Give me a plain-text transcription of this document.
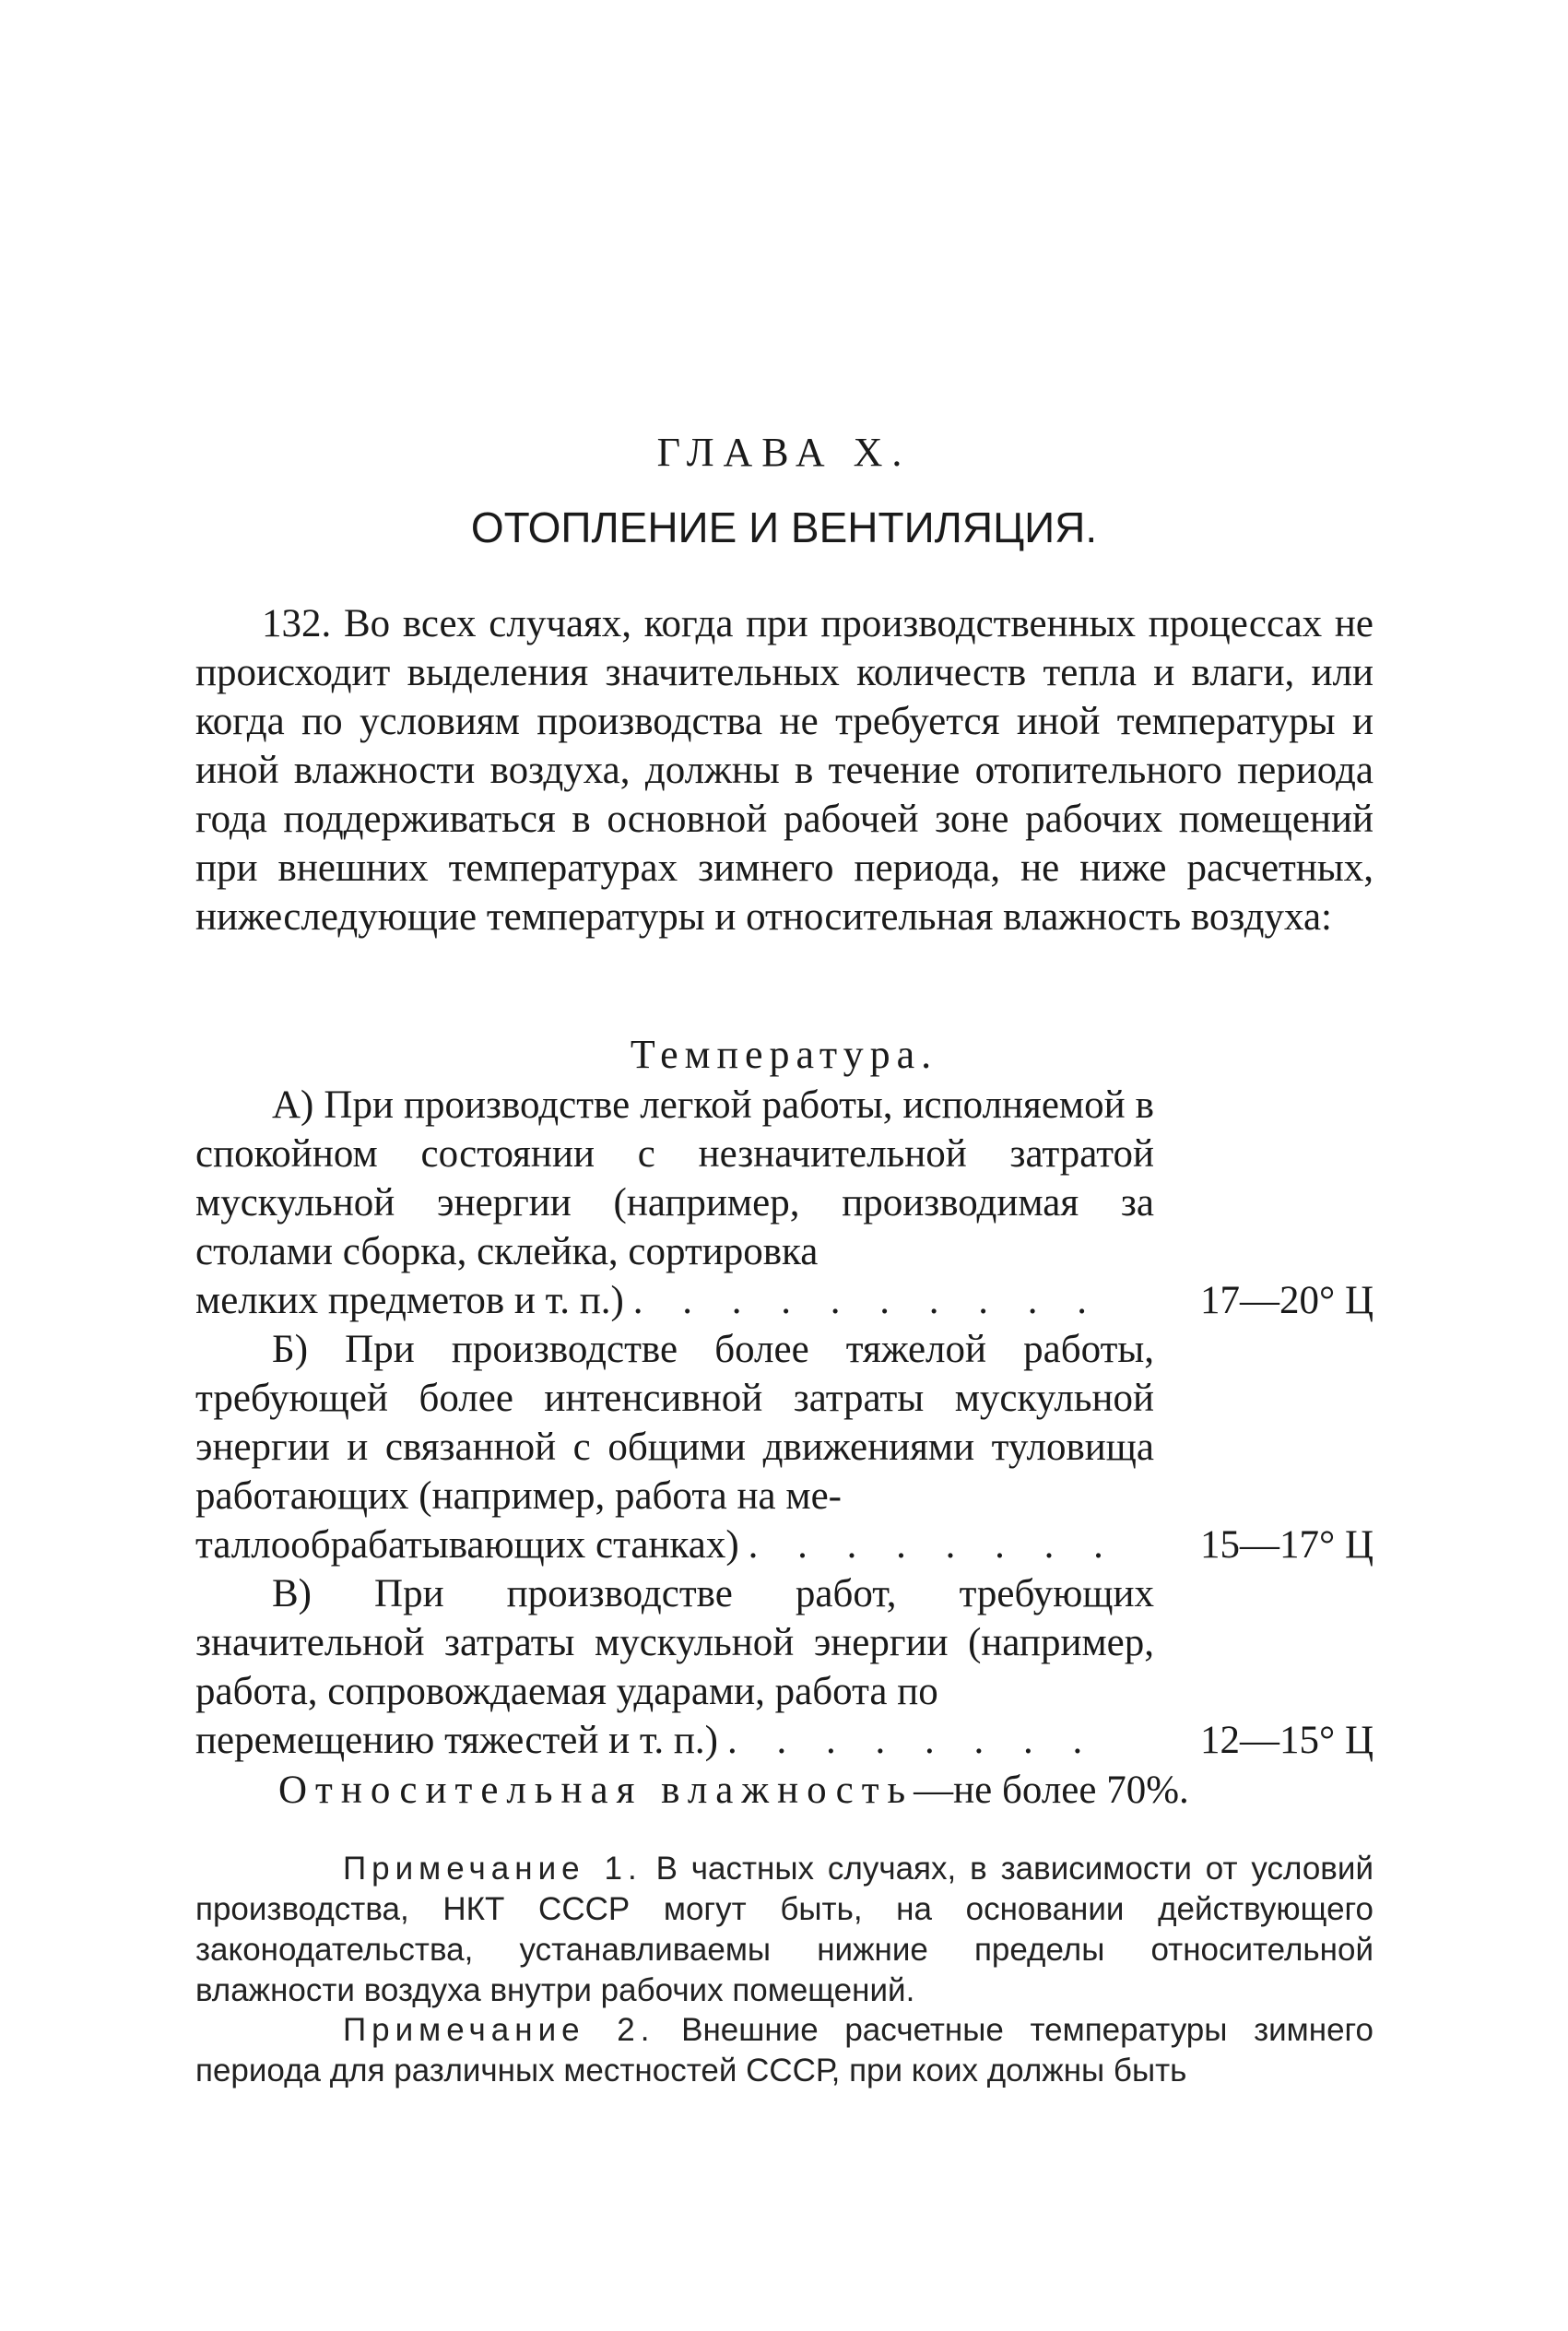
ГЛАВА X.
ОТОПЛЕНИЕ И ВЕНТИЛЯЦИЯ.
132. Во всех случаях, когда при производственных процессах не происходит выделения значительных количеств тепла и влаги, или когда по условиям производства не требуется иной температуры и иной влажности воздуха, должны в течение отопительного периода года поддерживаться в основной рабочей зоне рабочих помещений при внешних температурах зимнего периода, не ниже расчетных, нижеследующие температуры и относительная влажность воздуха:
Температура.
А) При производстве легкой работы, исполняемой в спокойном состоянии с незначительной затратой мускульной энергии (например, производимая за столами сборка, склейка, сортировка
мелких предметов и т. п.) . . . . . . . . . .	17—20° Ц
Б) При производстве более тяжелой работы, требующей более интенсивной затраты мускульной энергии и связанной с общими движениями туловища работающих (например, работа на ме-
таллообрабатывающих станках) . . . . . . . .	15—17° Ц
В) При производстве работ, требующих значительной затраты мускульной энергии (например, работа, сопровождаемая ударами, работа по
перемещению тяжестей и т. п.) . . . . . . . .	12—15° Ц
Относительная влажность—не более 70%.
Примечание 1. В частных случаях, в зависимости от условий производства, НКТ СССР могут быть, на основании действующего законодательства, устанавливаемы нижние пределы относительной влажности воздуха внутри рабочих помещений.
Примечание 2. Внешние расчетные температуры зимнего периода для различных местностей СССР, при коих должны быть
